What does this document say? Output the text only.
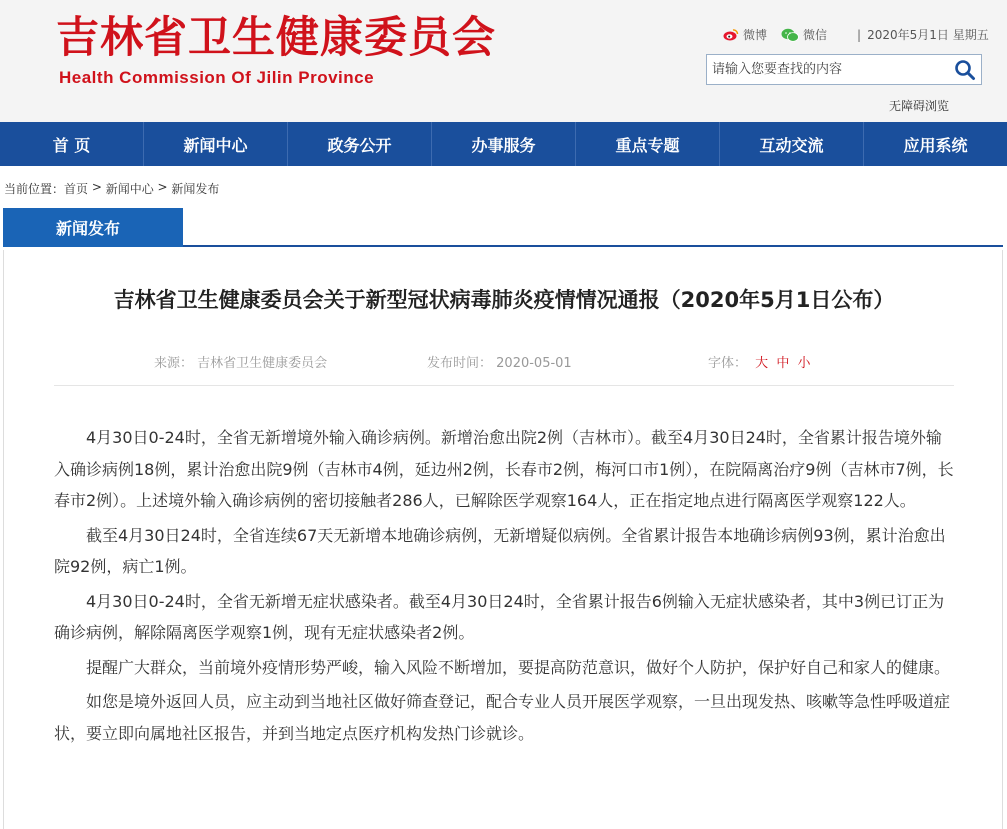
吉林省卫生健康委员会
Health Commission Of Jilin Province
微博	微信	| 2020年5月1日 星期五
请输入您要查找的内容
无障碍浏览
首 页	新闻中心	政务公开	办事服务	重点专题	互动交流	应用系统
当前位置： 首页 > 新闻中心 > 新闻发布
新闻发布
吉林省卫生健康委员会关于新型冠状病毒肺炎疫情情况通报（2020年5月1日公布）
来源： 吉林省卫生健康委员会	发布时间： 2020-05-01	字体： 大 中 小

4月30日0-24时，全省无新增境外输入确诊病例。新增治愈出院2例（吉林市）。截至4月30日24时，全省累计报告境外输入确诊病例18例，累计治愈出院9例（吉林市4例，延边州2例，长春市2例，梅河口市1例），在院隔离治疗9例（吉林市7例，长春市2例）。上述境外输入确诊病例的密切接触者286人，已解除医学观察164人，正在指定地点进行隔离医学观察122人。

截至4月30日24时，全省连续67天无新增本地确诊病例，无新增疑似病例。全省累计报告本地确诊病例93例，累计治愈出院92例，病亡1例。

4月30日0-24时，全省无新增无症状感染者。截至4月30日24时，全省累计报告6例输入无症状感染者，其中3例已订正为确诊病例，解除隔离医学观察1例，现有无症状感染者2例。

提醒广大群众，当前境外疫情形势严峻，输入风险不断增加，要提高防范意识，做好个人防护，保护好自己和家人的健康。

如您是境外返回人员，应主动到当地社区做好筛查登记，配合专业人员开展医学观察，一旦出现发热、咳嗽等急性呼吸道症状，要立即向属地社区报告，并到当地定点医疗机构发热门诊就诊。
